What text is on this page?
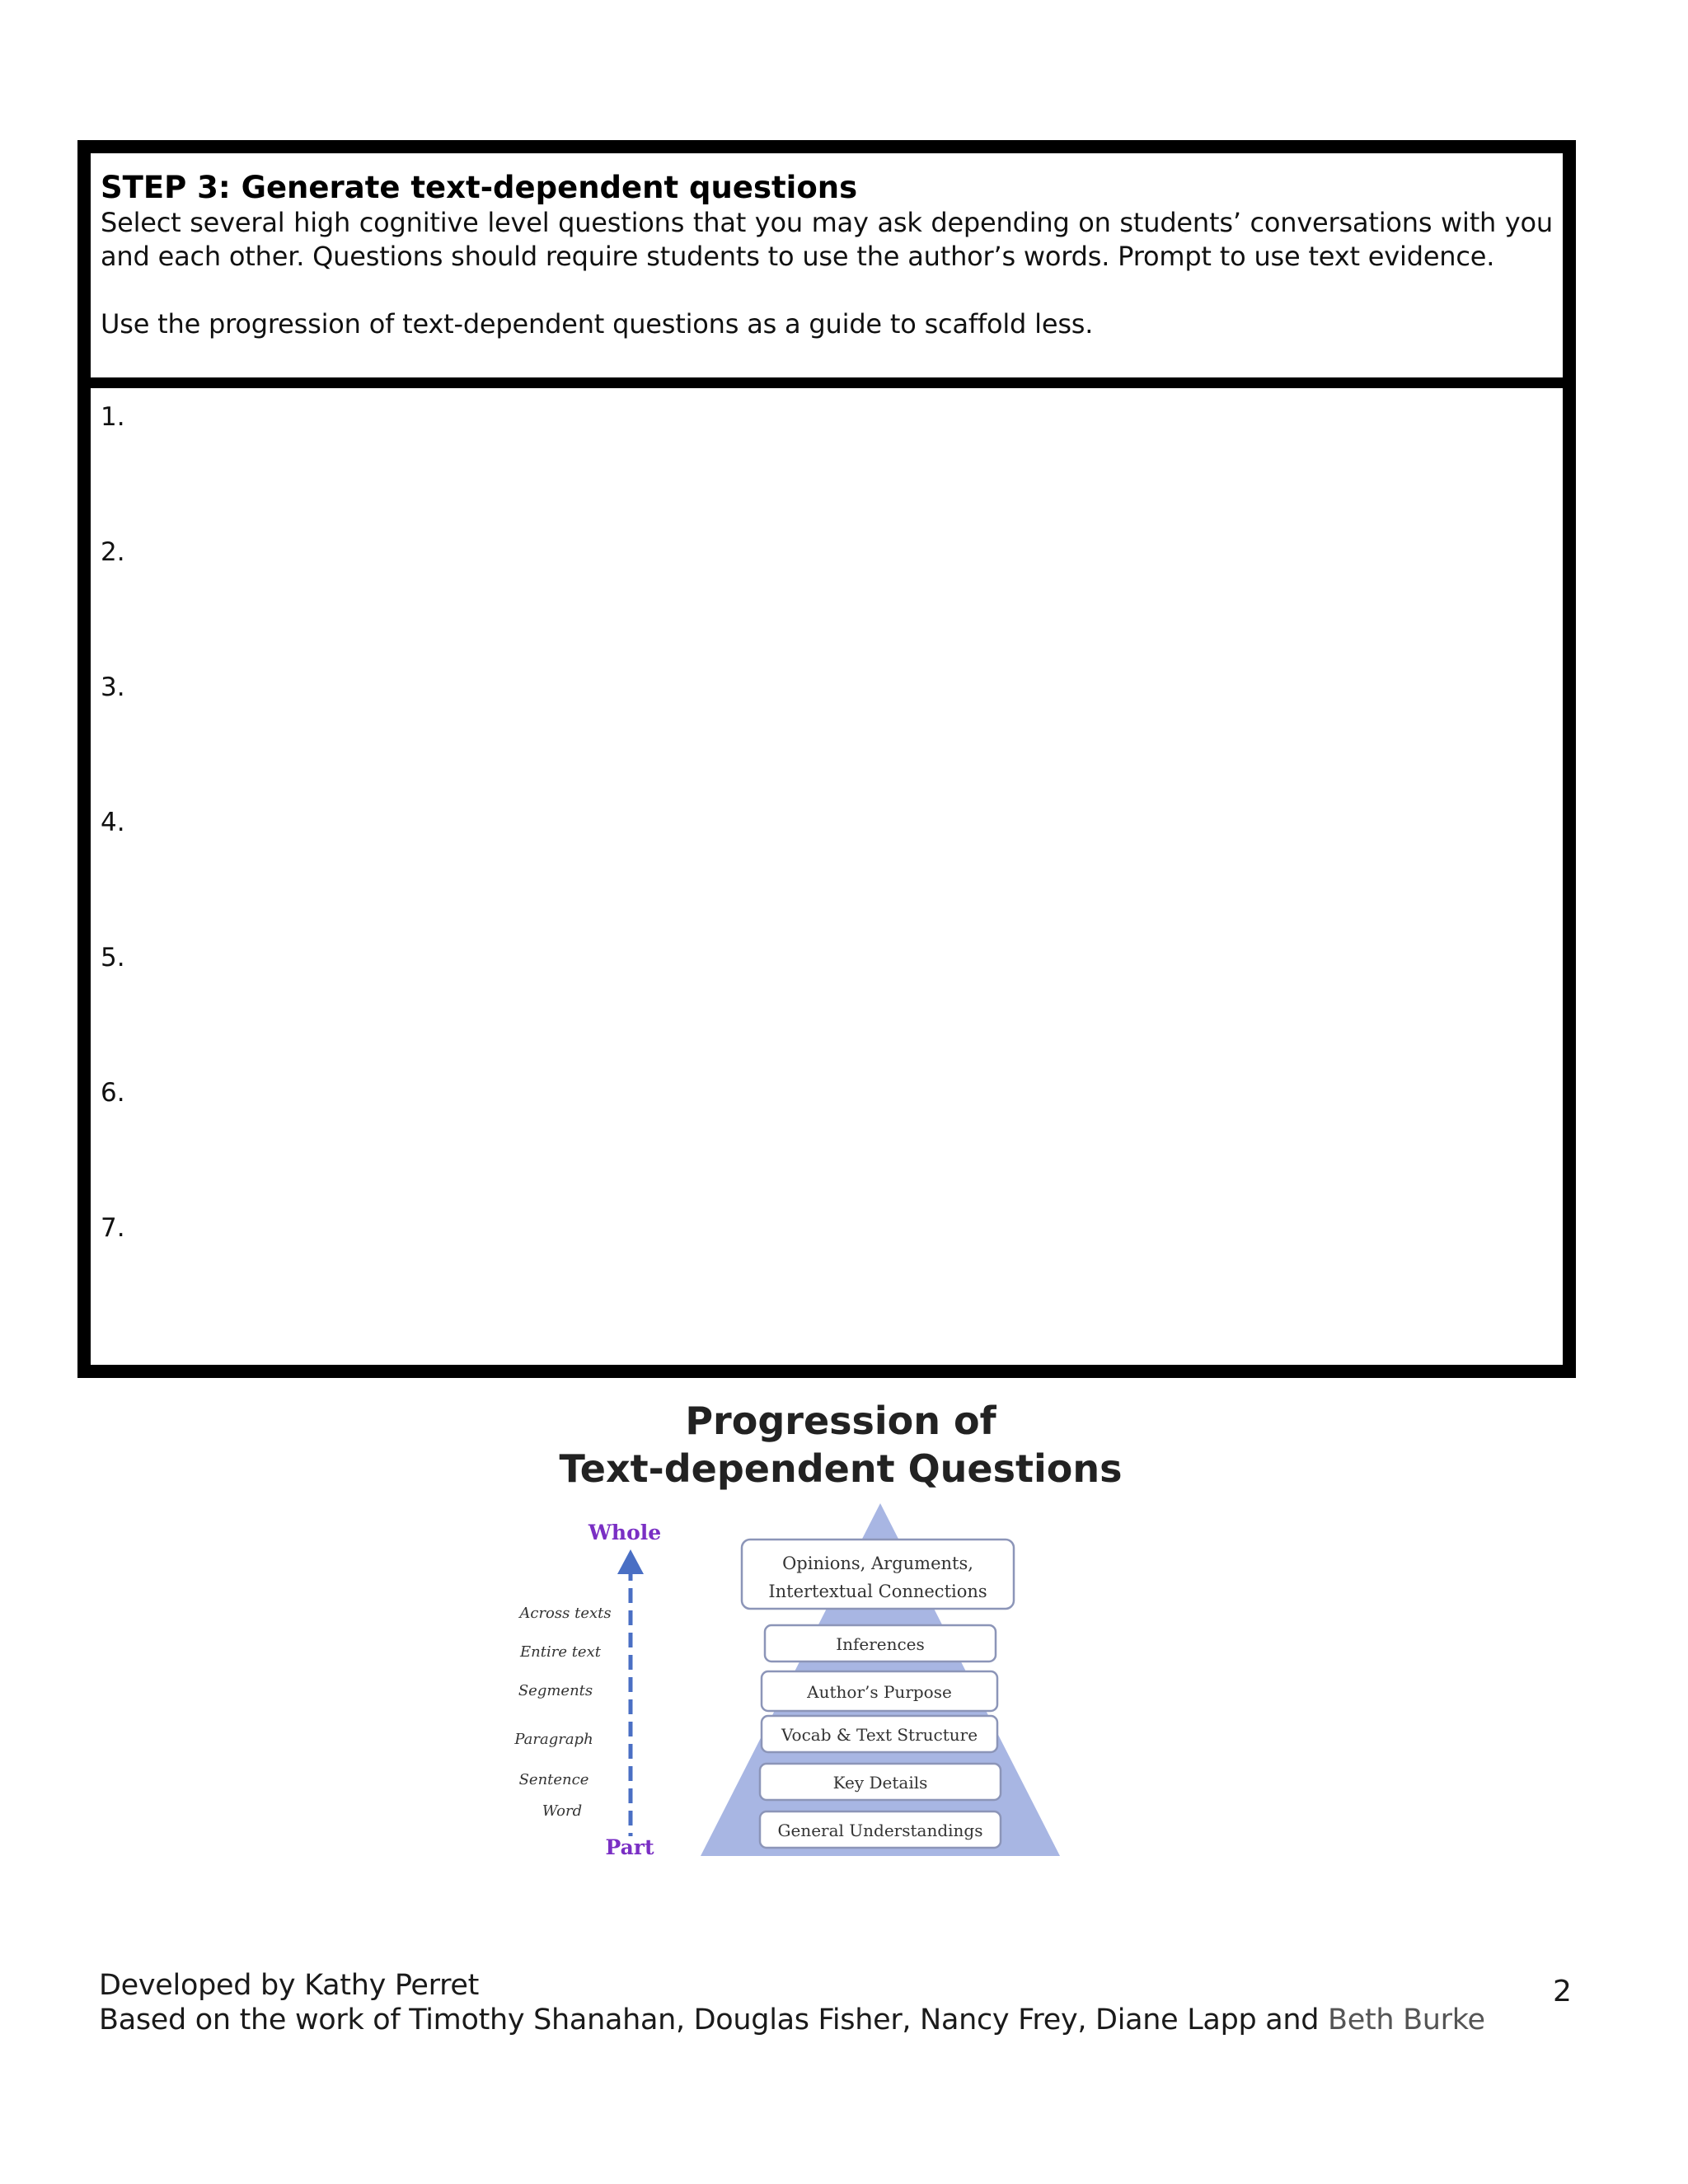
STEP 3: Generate text-dependent questions

Select several high cognitive level questions that you may ask depending on students’ conversations with you and each other. Questions should require students to use the author’s words. Prompt to use text evidence.

Use the progression of text-dependent questions as a guide to scaffold less.

1.
2.
3.
4.
5.
6.
7.
Progression of
Text-dependent Questions
Opinions, Arguments,
Intertextual Connections
Inferences
Author’s Purpose
Vocab & Text Structure
Key Details
General Understandings
Whole
Part
Across texts
Entire text
Segments
Paragraph
Sentence
Word
Developed by Kathy Perret
Based on the work of Timothy Shanahan, Douglas Fisher, Nancy Frey, Diane Lapp and Beth Burke
2
